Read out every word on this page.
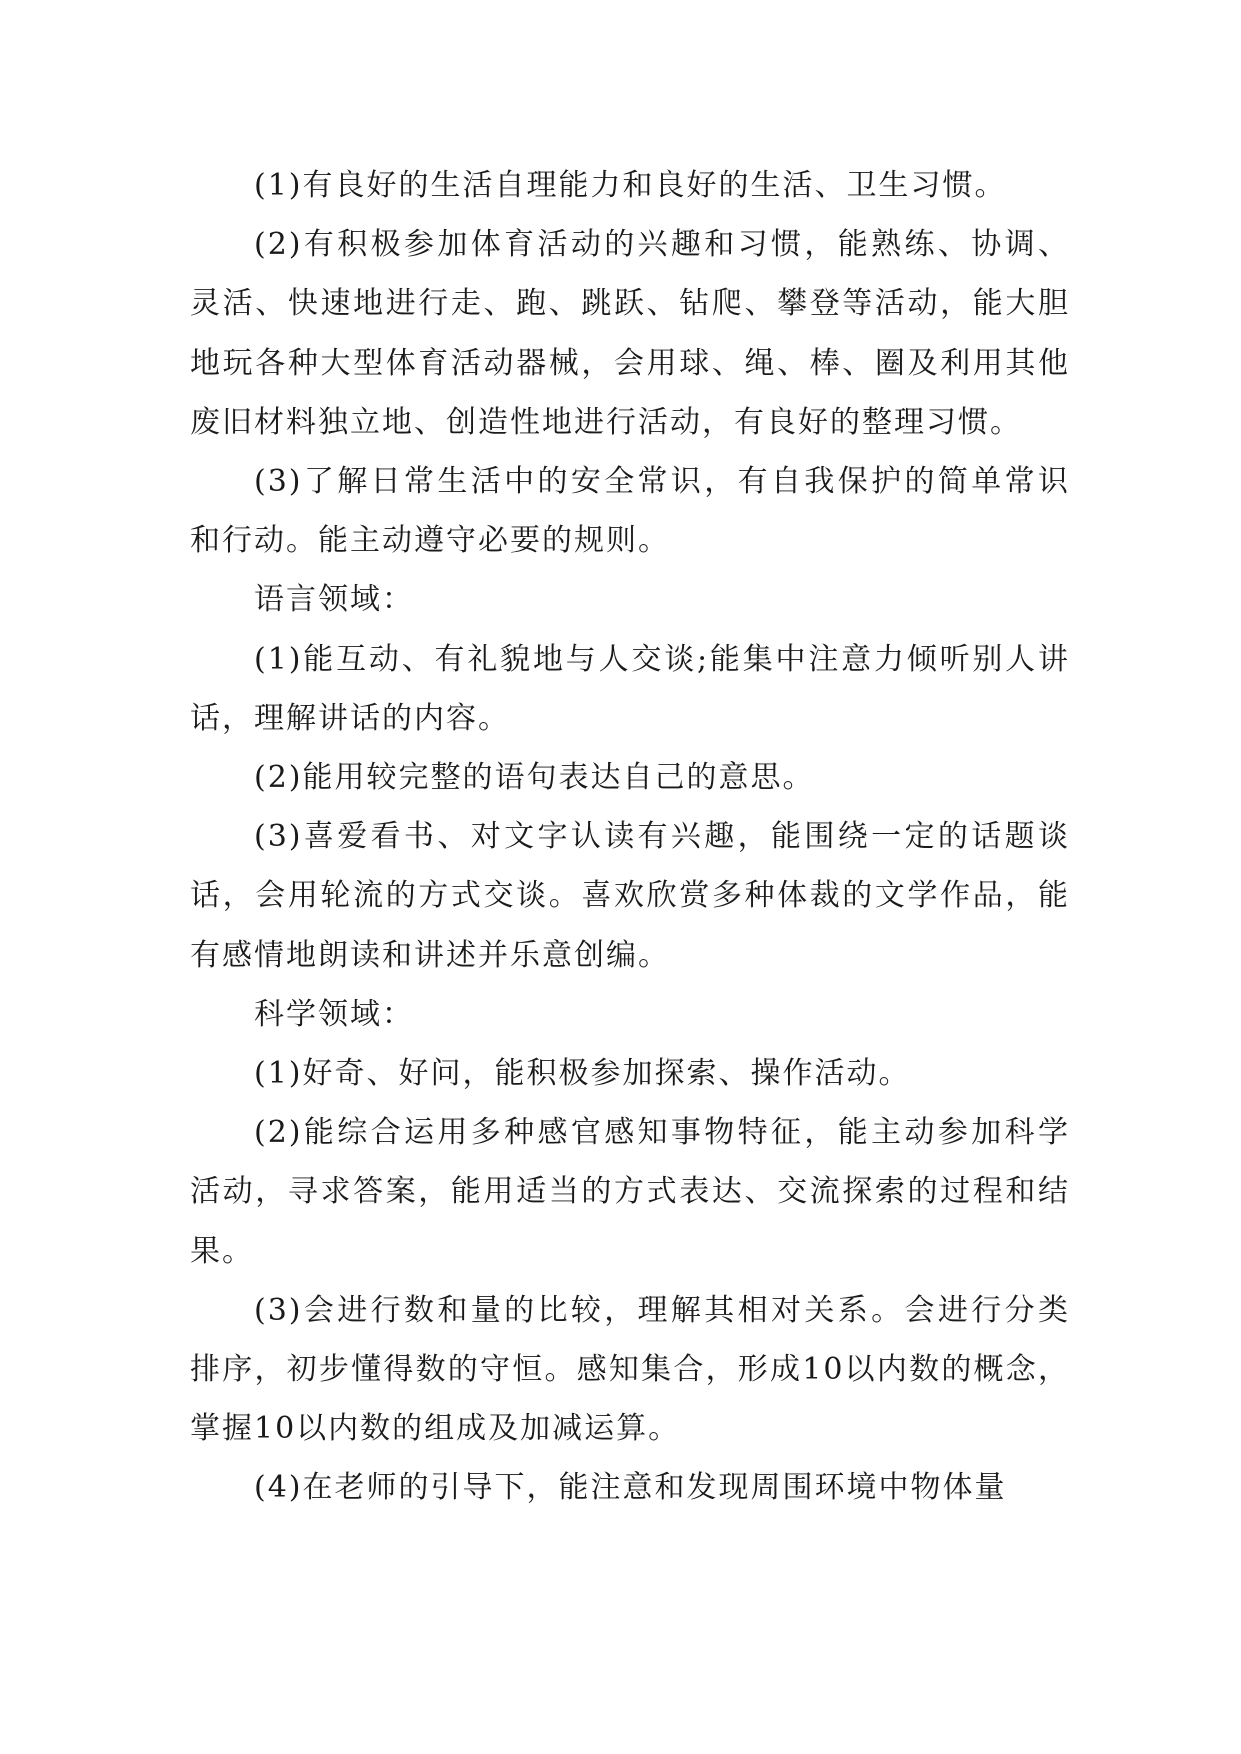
(1)有良好的生活自理能力和良好的生活、卫生习惯。

(2)有积极参加体育活动的兴趣和习惯，能熟练、协调、灵活、快速地进行走、跑、跳跃、钻爬、攀登等活动，能大胆地玩各种大型体育活动器械，会用球、绳、棒、圈及利用其他废旧材料独立地、创造性地进行活动，有良好的整理习惯。

(3)了解日常生活中的安全常识，有自我保护的简单常识和行动。能主动遵守必要的规则。

语言领域：

(1)能互动、有礼貌地与人交谈;能集中注意力倾听别人讲话，理解讲话的内容。

(2)能用较完整的语句表达自己的意思。

(3)喜爱看书、对文字认读有兴趣，能围绕一定的话题谈话，会用轮流的方式交谈。喜欢欣赏多种体裁的文学作品，能有感情地朗读和讲述并乐意创编。

科学领域：

(1)好奇、好问，能积极参加探索、操作活动。

(2)能综合运用多种感官感知事物特征，能主动参加科学活动，寻求答案，能用适当的方式表达、交流探索的过程和结果。

(3)会进行数和量的比较，理解其相对关系。会进行分类排序，初步懂得数的守恒。感知集合，形成10以内数的概念，掌握10以内数的组成及加减运算。

(4)在老师的引导下，能注意和发现周围环境中物体量
